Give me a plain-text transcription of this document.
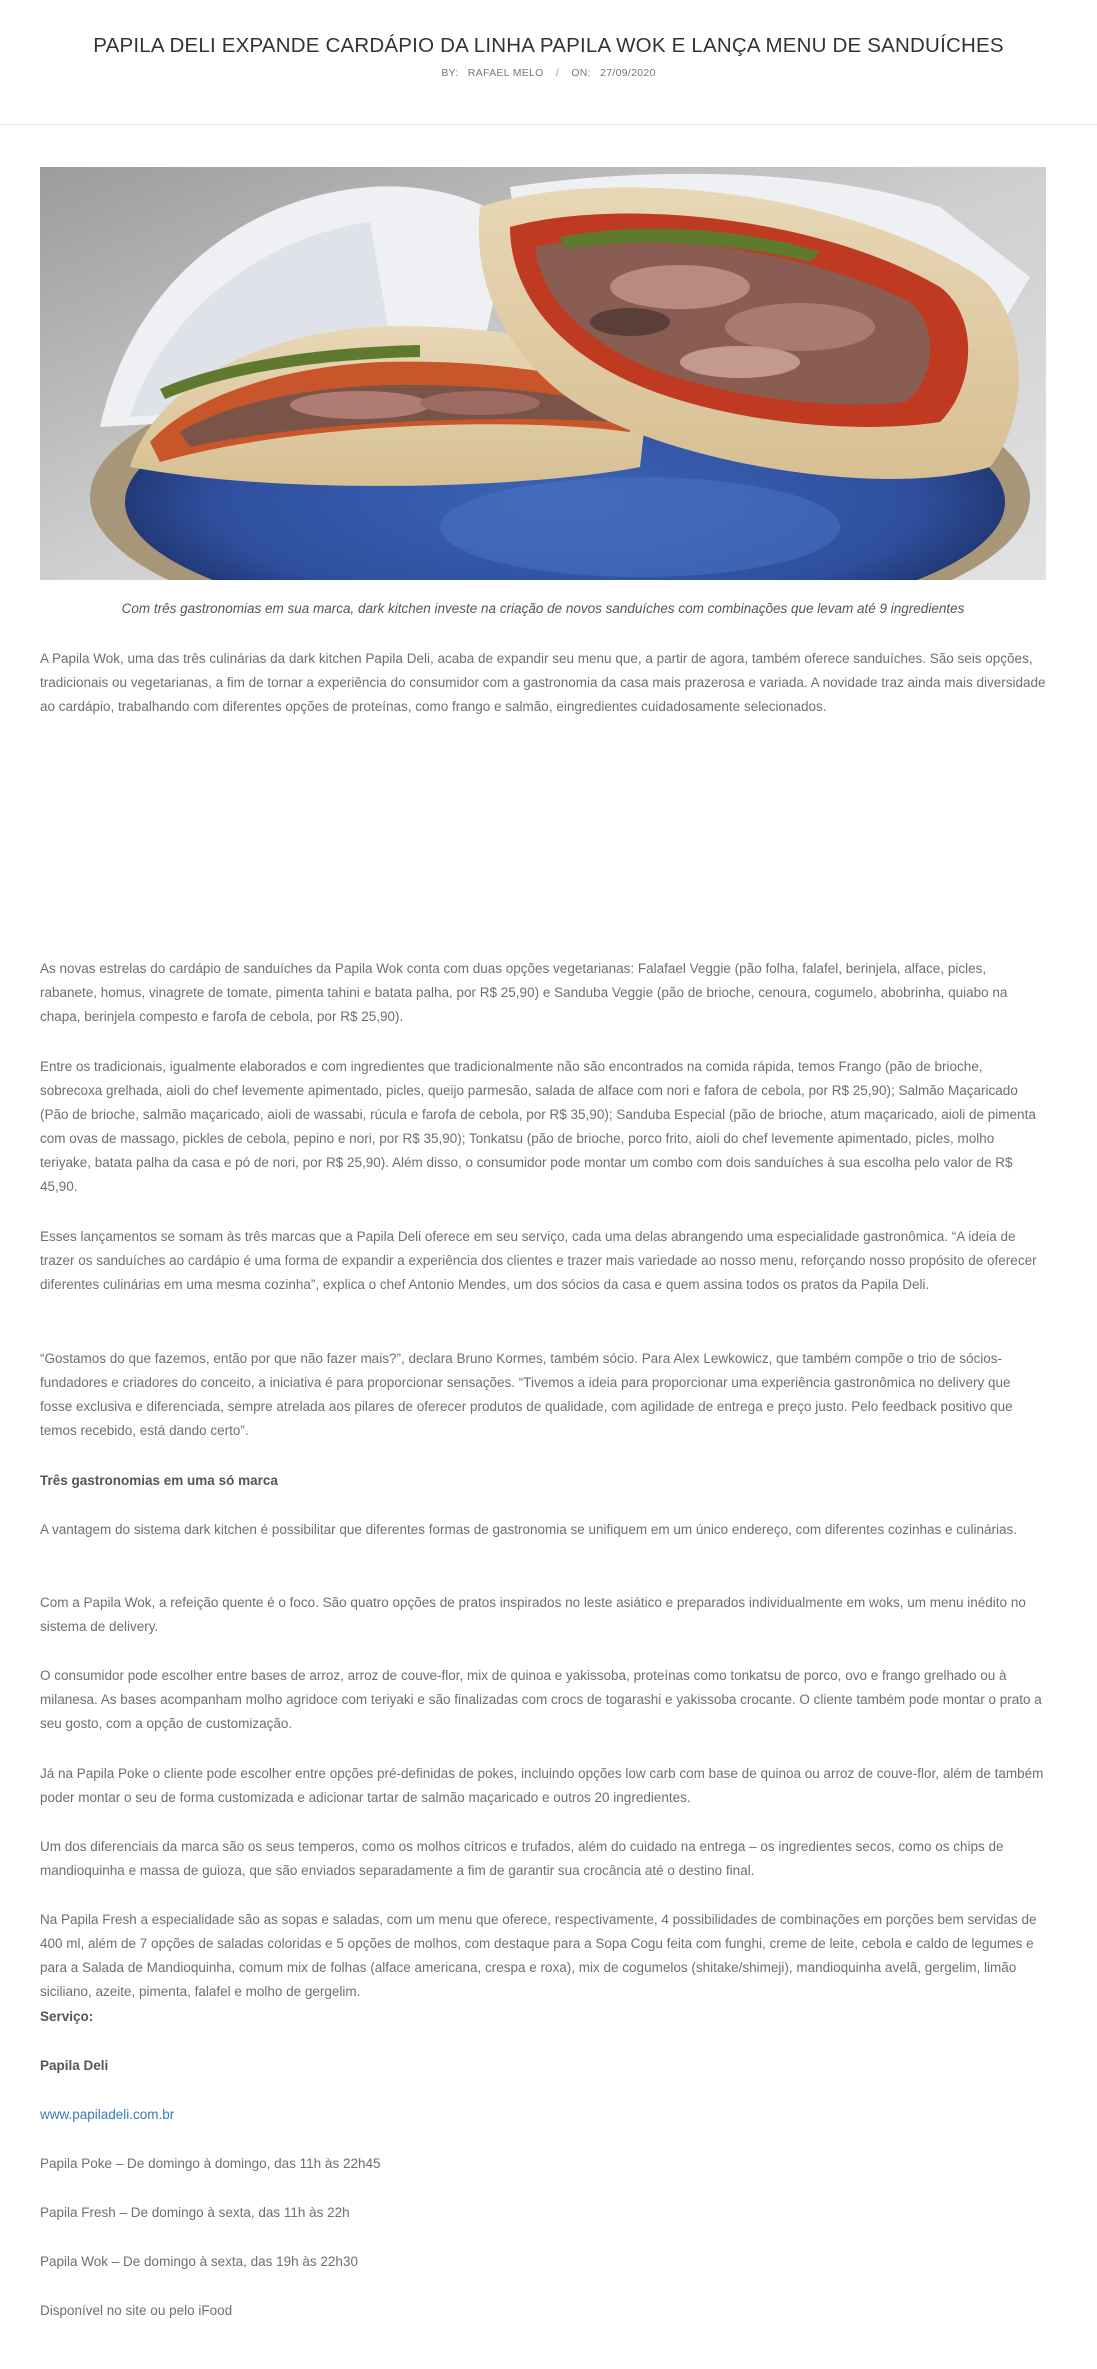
PAPILA DELI EXPANDE CARDÁPIO DA LINHA PAPILA WOK E LANÇA MENU DE SANDUÍCHES
BY: RAFAEL MELO / ON: 27/09/2020
Com três gastronomias em sua marca, dark kitchen investe na criação de novos sanduíches com combinações que levam até 9 ingredientes

A Papila Wok, uma das três culinárias da dark kitchen Papila Deli, acaba de expandir seu menu que, a partir de agora, também oferece sanduíches. São seis opções, tradicionais ou vegetarianas, a fim de tornar a experiência do consumidor com a gastronomia da casa mais prazerosa e variada. A novidade traz ainda mais diversidade ao cardápio, trabalhando com diferentes opções de proteínas, como frango e salmão, eingredientes cuidadosamente selecionados.

As novas estrelas do cardápio de sanduíches da Papila Wok conta com duas opções vegetarianas: Falafael Veggie (pão folha, falafel, berinjela, alface, picles, rabanete, homus, vinagrete de tomate, pimenta tahini e batata palha, por R$ 25,90) e Sanduba Veggie (pão de brioche, cenoura, cogumelo, abobrinha, quiabo na chapa, berinjela compesto e farofa de cebola, por R$ 25,90).

Entre os tradicionais, igualmente elaborados e com ingredientes que tradicionalmente não são encontrados na comida rápida, temos Frango (pão de brioche, sobrecoxa grelhada, aioli do chef levemente apimentado, picles, queijo parmesão, salada de alface com nori e fafora de cebola, por R$ 25,90); Salmão Maçaricado (Pão de brioche, salmão maçaricado, aioli de wassabi, rúcula e farofa de cebola, por R$ 35,90); Sanduba Especial (pão de brioche, atum maçaricado, aioli de pimenta com ovas de massago, pickles de cebola, pepino e nori, por R$ 35,90); Tonkatsu (pão de brioche, porco frito, aioli do chef levemente apimentado, picles, molho teriyake, batata palha da casa e pó de nori, por R$ 25,90). Além disso, o consumidor pode montar um combo com dois sanduíches à sua escolha pelo valor de R$ 45,90.

Esses lançamentos se somam às três marcas que a Papila Deli oferece em seu serviço, cada uma delas abrangendo uma especialidade gastronômica. “A ideia de trazer os sanduíches ao cardápio é uma forma de expandir a experiência dos clientes e trazer mais variedade ao nosso menu, reforçando nosso propósito de oferecer diferentes culinárias em uma mesma cozinha”, explica o chef Antonio Mendes, um dos sócios da casa e quem assina todos os pratos da Papila Deli.

“Gostamos do que fazemos, então por que não fazer mais?”, declara Bruno Kormes, também sócio. Para Alex Lewkowicz, que também compõe o trio de sócios-fundadores e criadores do conceito, a iniciativa é para proporcionar sensações. “Tivemos a ideia para proporcionar uma experiência gastronômica no delivery que fosse exclusiva e diferenciada, sempre atrelada aos pilares de oferecer produtos de qualidade, com agilidade de entrega e preço justo. Pelo feedback positivo que temos recebido, está dando certo”.

Três gastronomias em uma só marca

A vantagem do sistema dark kitchen é possibilitar que diferentes formas de gastronomia se unifiquem em um único endereço, com diferentes cozinhas e culinárias.

Com a Papila Wok, a refeição quente é o foco. São quatro opções de pratos inspirados no leste asiático e preparados individualmente em woks, um menu inédito no sistema de delivery.

O consumidor pode escolher entre bases de arroz, arroz de couve-flor, mix de quinoa e yakissoba, proteínas como tonkatsu de porco, ovo e frango grelhado ou à milanesa. As bases acompanham molho agridoce com teriyaki e são finalizadas com crocs de togarashi e yakissoba crocante. O cliente também pode montar o prato a seu gosto, com a opção de customização.

Já na Papila Poke o cliente pode escolher entre opções pré-definidas de pokes, incluindo opções low carb com base de quinoa ou arroz de couve-flor, além de também poder montar o seu de forma customizada e adicionar tartar de salmão maçaricado e outros 20 ingredientes.

Um dos diferenciais da marca são os seus temperos, como os molhos cítricos e trufados, além do cuidado na entrega – os ingredientes secos, como os chips de mandioquinha e massa de guioza, que são enviados separadamente a fim de garantir sua crocância até o destino final.

Na Papila Fresh a especialidade são as sopas e saladas, com um menu que oferece, respectivamente, 4 possibilidades de combinações em porções bem servidas de 400 ml, além de 7 opções de saladas coloridas e 5 opções de molhos, com destaque para a Sopa Cogu feita com funghi, creme de leite, cebola e caldo de legumes e para a Salada de Mandioquinha, comum mix de folhas (alface americana, crespa e roxa), mix de cogumelos (shitake/shimeji), mandioquinha avelã, gergelim, limão siciliano, azeite, pimenta, falafel e molho de gergelim.

Serviço:

Papila Deli

www.papiladeli.com.br

Papila Poke – De domingo à domingo, das 11h às 22h45

Papila Fresh – De domingo à sexta, das 11h às 22h

Papila Wok – De domingo à sexta, das 19h às 22h30

Disponível no site ou pelo iFood
